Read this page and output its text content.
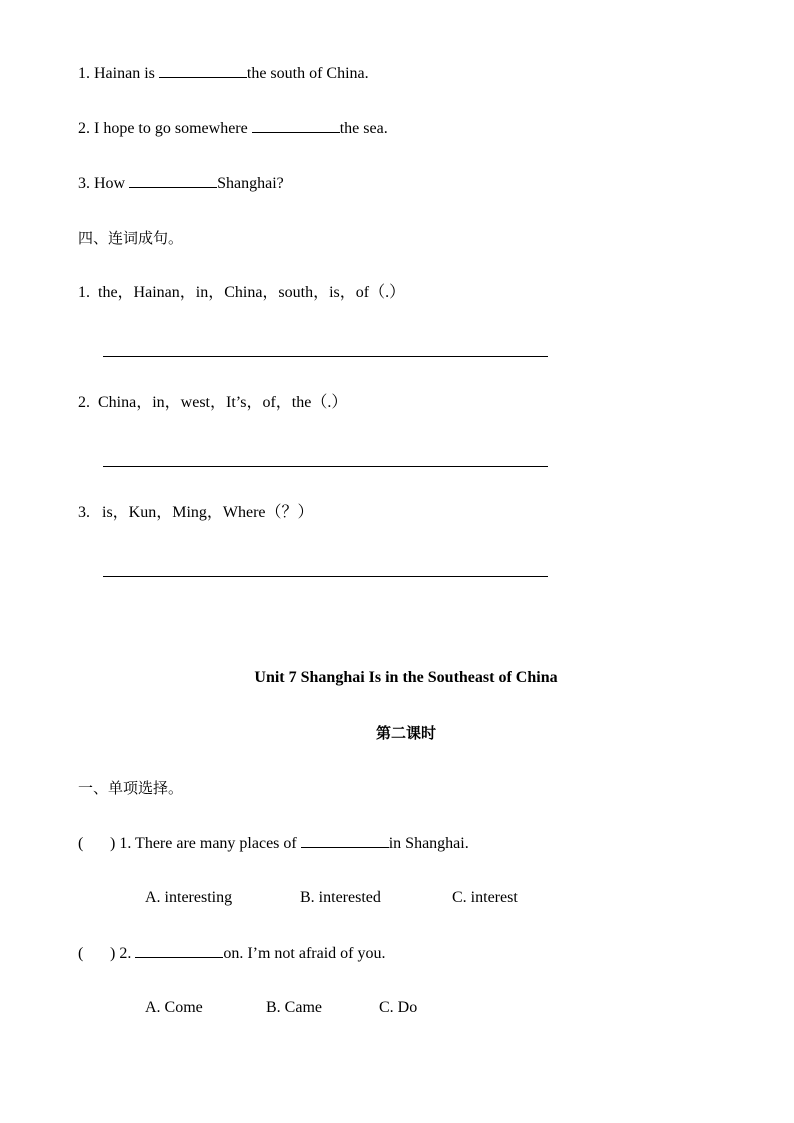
1. Hainan is	the south of China.
2. I hope to go somewhere	the sea.
3. How	Shanghai?
四、连词成句。
1. the，Hainan，in，China，south，is，of（.）
2. China，in，west，It’s，of，the（.）
3. is，Kun，Ming，Where（？）
Unit 7 Shanghai Is in the Southeast of China
第二课时
一、单项选择。
( ) 1. There are many places of	in Shanghai.
A. interesting	B. interested	C. interest
( ) 2.	on. I’m not afraid of you.
A. Come	B. Came	C. Do
